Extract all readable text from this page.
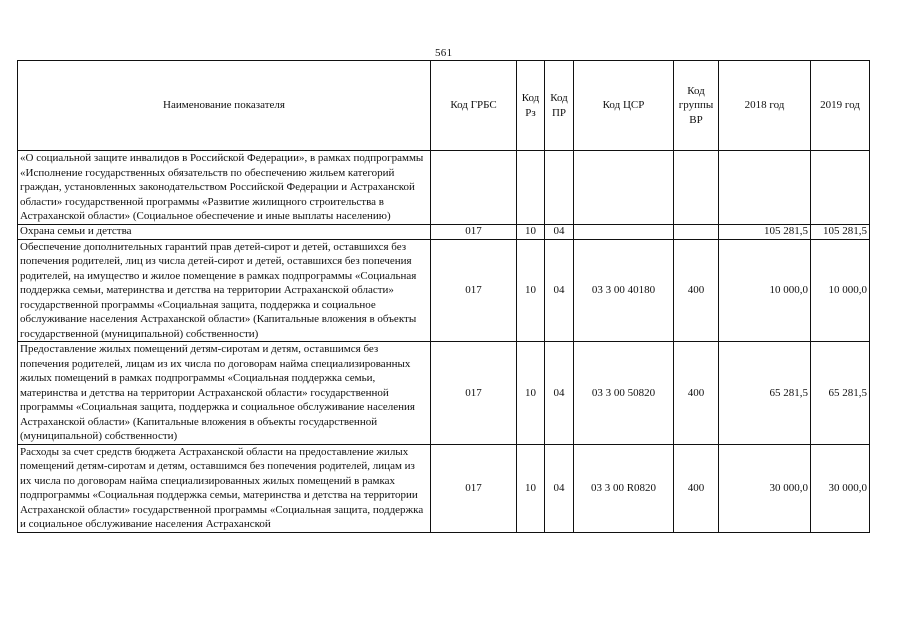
561
Наименование показателя	Код ГРБС	Код Рз	Код ПР	Код ЦСР	Код группы ВР	2018 год	2019 год
«О социальной защите инвалидов в Российской Федерации», в рамках подпрограммы «Исполнение государственных обязательств по обеспечению жильем категорий граждан, установленных законодательством Российской Федерации и Астраханской области» государственной программы «Развитие жилищного строительства в Астраханской области» (Социальное обеспечение и иные выплаты населению)							
Охрана семьи и детства	017	10	04			105 281,5	105 281,5
Обеспечение дополнительных гарантий прав детей-сирот и детей, оставшихся без попечения родителей, лиц из числа детей-сирот и детей, оставшихся без попечения родителей, на имущество и жилое помещение в рамках подпрограммы «Социальная поддержка семьи, материнства и детства на территории Астраханской области» государственной программы «Социальная защита, поддержка и социальное обслуживание населения Астраханской области» (Капитальные вложения в объекты государственной (муниципальной) собственности)	017	10	04	03 3 00 40180	400	10 000,0	10 000,0
Предоставление жилых помещений детям-сиротам и детям, оставшимся без попечения родителей, лицам из их числа по договорам найма специализированных жилых помещений в рамках подпрограммы «Социальная поддержка семьи, материнства и детства на территории Астраханской области» государственной программы «Социальная защита, поддержка и социальное обслуживание населения Астраханской области» (Капитальные вложения в объекты государственной (муниципальной) собственности)	017	10	04	03 3 00 50820	400	65 281,5	65 281,5
Расходы за счет средств бюджета Астраханской области на предоставление жилых помещений детям-сиротам и детям, оставшимся без попечения родителей, лицам из их числа по договорам найма специализированных жилых помещений в рамках подпрограммы «Социальная поддержка семьи, материнства и детства на территории Астраханской области» государственной программы «Социальная защита, поддержка и социальное обслуживание населения Астраханской	017	10	04	03 3 00 R0820	400	30 000,0	30 000,0
